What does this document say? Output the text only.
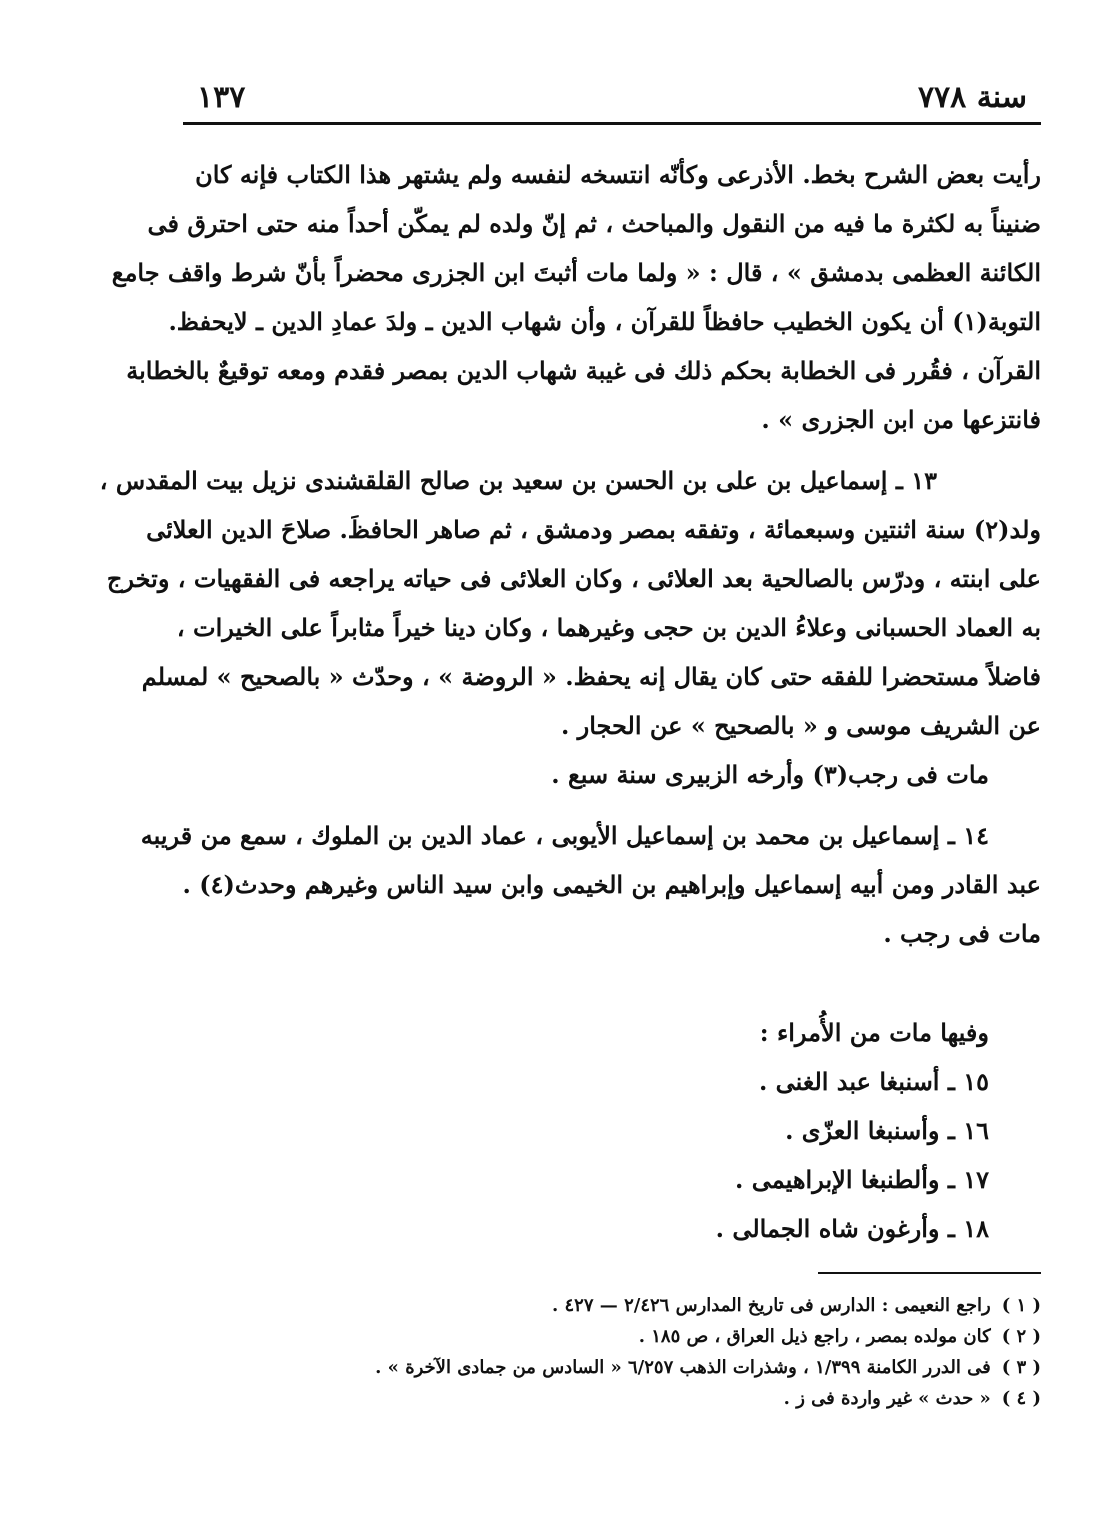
سنة ٧٧٨
١٣٧
رأيت بعض الشرح بخط. الأذرعى وكأنّه انتسخه لنفسه ولم يشتهر هذا الكتاب فإنه كان
ضنيناً به لكثرة ما فيه من النقول والمباحث ، ثم إنّ ولده لم يمكّن أحداً منه حتى احترق فى
الكائنة العظمى بدمشق » ، قال : « ولما مات أثبتَ ابن الجزرى محضراً بأنّ شرط واقف جامع
التوبة(١) أن يكون الخطيب حافظاً للقرآن ، وأن شهاب الدين ـ ولدَ عمادِ الدين ـ لايحفظ.
القرآن ، فقُرر فى الخطابة بحكم ذلك فى غيبة شهاب الدين بمصر فقدم ومعه توقيعٌ بالخطابة
فانتزعها من ابن الجزرى » .
١٣ ـ إسماعيل بن على بن الحسن بن سعيد بن صالح القلقشندى نزيل بيت المقدس ،
ولد(٢) سنة اثنتين وسبعمائة ، وتفقه بمصر ودمشق ، ثم صاهر الحافظَ. صلاحَ الدين العلائى
على ابنته ، ودرّس بالصالحية بعد العلائى ، وكان العلائى فى حياته يراجعه فى الفقهيات ، وتخرج
به العماد الحسبانى وعلاءُ الدين بن حجى وغيرهما ، وكان دينا خيراً مثابراً على الخيرات ،
فاضلاً مستحضرا للفقه حتى كان يقال إنه يحفظ. « الروضة » ، وحدّث « بالصحيح » لمسلم
عن الشريف موسى و « بالصحيح » عن الحجار .
مات فى رجب(٣) وأرخه الزبيرى سنة سبع .
١٤ ـ إسماعيل بن محمد بن إسماعيل الأيوبى ، عماد الدين بن الملوك ، سمع من قريبه
عبد القادر ومن أبيه إسماعيل وإبراهيم بن الخيمى وابن سيد الناس وغيرهم وحدث(٤) .
مات فى رجب .
وفيها مات من الأُمراء :
١٥ ـ أسنبغا عبد الغنى .
١٦ ـ وأسنبغا العزّى .
١٧ ـ وألطنبغا الإبراهيمى .
١٨ ـ وأرغون شاه الجمالى .
( ١ ) راجع النعيمى : الدارس فى تاريخ المدارس ٢/٤٢٦ — ٤٢٧ .
( ٢ ) كان مولده بمصر ، راجع ذيل العراق ، ص ١٨٥ .
( ٣ ) فى الدرر الكامنة ١/٣٩٩ ، وشذرات الذهب ٦/٢٥٧ « السادس من جمادى الآخرة » .
( ٤ ) « حدث » غير واردة فى ز .
